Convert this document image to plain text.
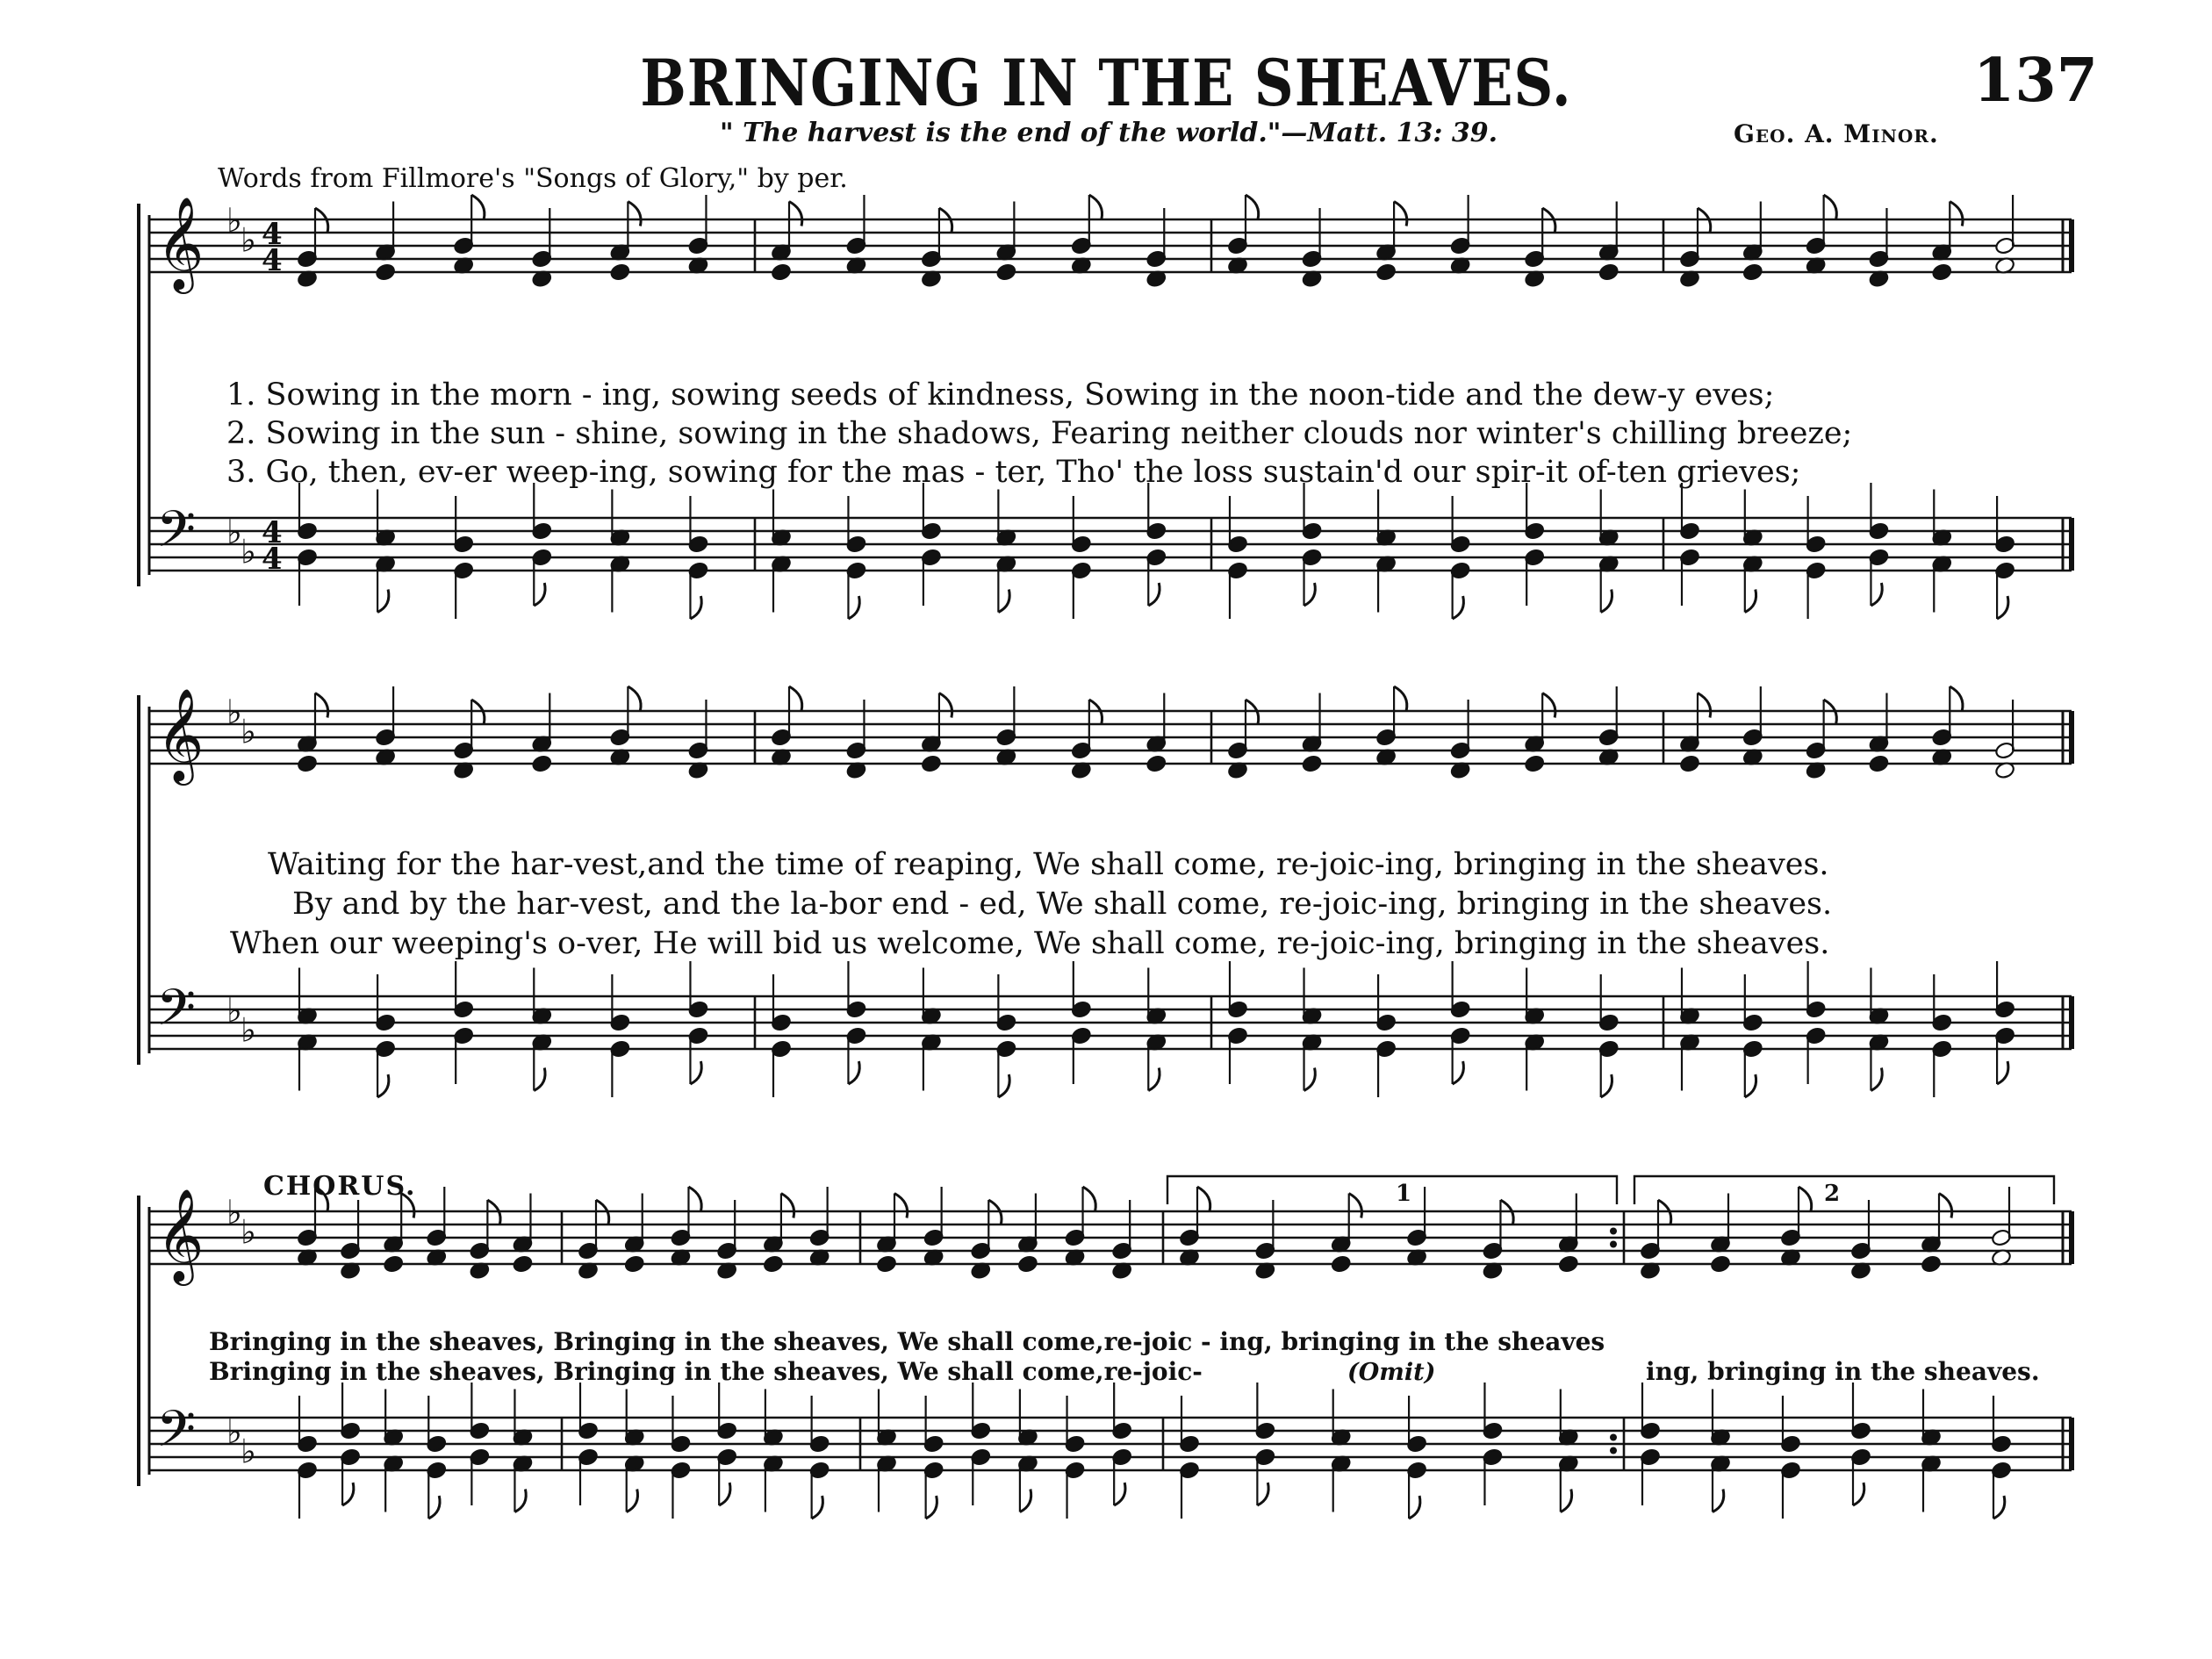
BRINGING IN THE SHEAVES.	137
" The harvest is the end of the world."—Matt. 13: 39.	Geo. A. Minor.
Words from Fillmore's "Songs of Glory," by per.
1. Sowing in the morn - ing, sowing seeds of kindness, Sowing in the noon-tide and the dew-y eves;
2. Sowing in the sun - shine, sowing in the shadows, Fearing neither clouds nor winter's chilling breeze;
3. Go, then, ev-er weep-ing, sowing for the mas - ter, Tho' the loss sustain'd our spir-it of-ten grieves;
Waiting for the har-vest,and the time of reaping, We shall come, re-joic-ing, bringing in the sheaves.
By and by the har-vest, and the la-bor end - ed, We shall come, re-joic-ing, bringing in the sheaves.
When our weeping's o-ver, He will bid us welcome, We shall come, re-joic-ing, bringing in the sheaves.
CHORUS.
Bringing in the sheaves, Bringing in the sheaves, We shall come,re-joic - ing, bringing in the sheaves
Bringing in the sheaves, Bringing in the sheaves, We shall come,re-joic-	(Omit)	ing, bringing in the sheaves.
𝄞
𝄢
♭
♭
♭
♭
4
4
4
4
𝄞
𝄢
♭
♭
♭
♭
𝄞
𝄢
♭
♭
♭
♭
1	2
